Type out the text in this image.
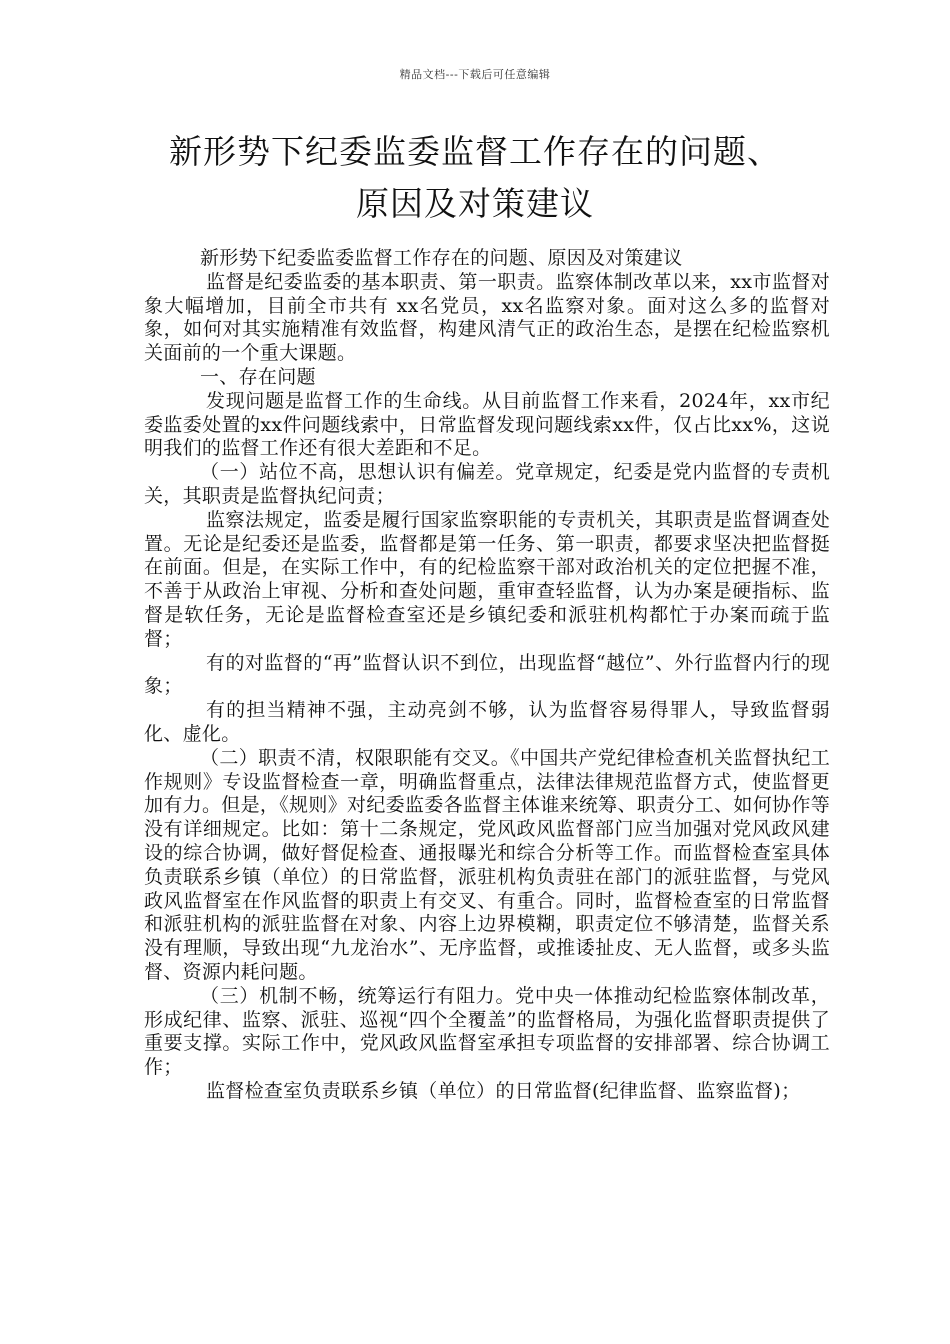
精品文档---下载后可任意编辑
新形势下纪委监委监督工作存在的问题、
原因及对策建议

新形势下纪委监委监督工作存在的问题、原因及对策建议

监督是纪委监委的基本职责、第一职责。监察体制改革以来，xx市监督对象大幅增加，目前全市共有 xx名党员，xx名监察对象。面对这么多的监督对象，如何对其实施精准有效监督，构建风清气正的政治生态，是摆在纪检监察机关面前的一个重大课题。

一、存在问题

发现问题是监督工作的生命线。从目前监督工作来看，2024年，xx市纪委监委处置的xx件问题线索中，日常监督发现问题线索xx件，仅占比xx%，这说明我们的监督工作还有很大差距和不足。

（一）站位不高，思想认识有偏差。党章规定，纪委是党内监督的专责机关，其职责是监督执纪问责；

监察法规定，监委是履行国家监察职能的专责机关，其职责是监督调查处置。无论是纪委还是监委，监督都是第一任务、第一职责，都要求坚决把监督挺在前面。但是，在实际工作中，有的纪检监察干部对政治机关的定位把握不准，不善于从政治上审视、分析和查处问题，重审查轻监督，认为办案是硬指标、监督是软任务，无论是监督检查室还是乡镇纪委和派驻机构都忙于办案而疏于监督；

有的对监督的“再”监督认识不到位，出现监督“越位”、外行监督内行的现象；

有的担当精神不强，主动亮剑不够，认为监督容易得罪人，导致监督弱化、虚化。

（二）职责不清，权限职能有交叉。《中国共产党纪律检查机关监督执纪工作规则》专设监督检查一章，明确监督重点，法律法律规范监督方式，使监督更加有力。但是，《规则》对纪委监委各监督主体谁来统筹、职责分工、如何协作等没有详细规定。比如：第十二条规定，党风政风监督部门应当加强对党风政风建设的综合协调，做好督促检查、通报曝光和综合分析等工作。而监督检查室具体负责联系乡镇（单位）的日常监督，派驻机构负责驻在部门的派驻监督，与党风政风监督室在作风监督的职责上有交叉、有重合。同时，监督检查室的日常监督和派驻机构的派驻监督在对象、内容上边界模糊，职责定位不够清楚，监督关系没有理顺，导致出现“九龙治水”、无序监督，或推诿扯皮、无人监督，或多头监督、资源内耗问题。

（三）机制不畅，统筹运行有阻力。党中央一体推动纪检监察体制改革，形成纪律、监察、派驻、巡视“四个全覆盖”的监督格局，为强化监督职责提供了重要支撑。实际工作中，党风政风监督室承担专项监督的安排部署、综合协调工作；

监督检查室负责联系乡镇（单位）的日常监督(纪律监督、监察监督)；
